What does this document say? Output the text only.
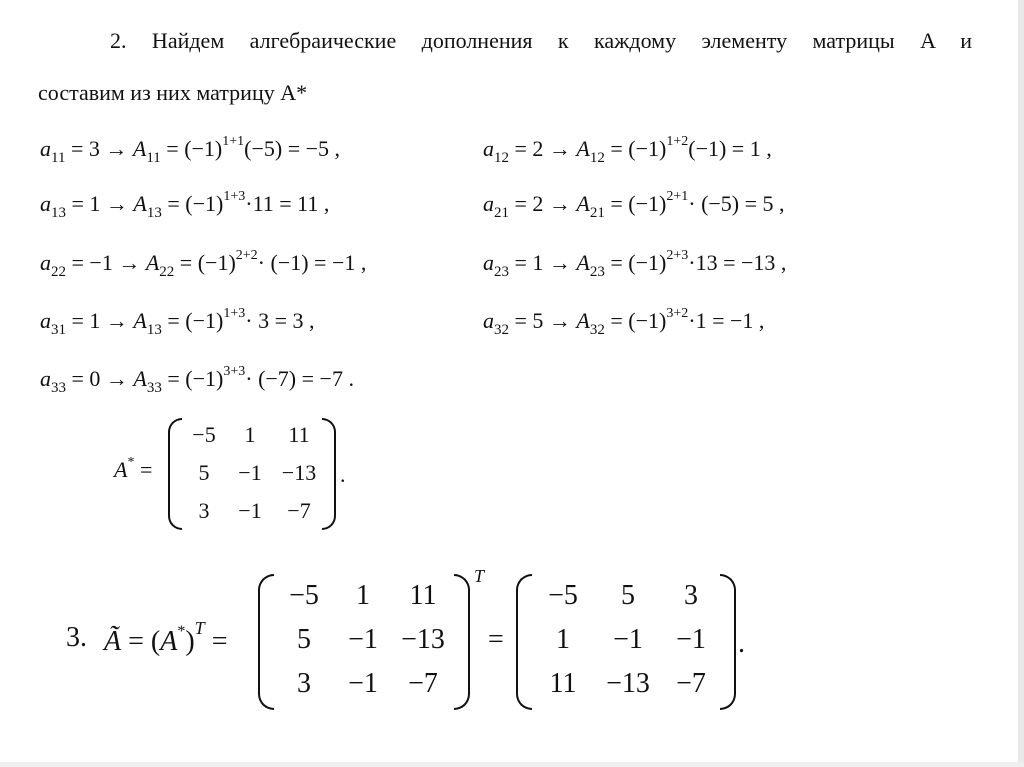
2. Найдем алгебраические дополнения к каждому элементу матрицы A и
составим из них матрицу A*
$a_{11} = 3 \to A_{11} = (-1)^{1+1}(-5) = -5$ ,	$a_{12} = 2 \to A_{12} = (-1)^{1+2}(-1) = 1$ ,
$a_{13} = 1 \to A_{13} = (-1)^{1+3}\cdot 11 = 11$ ,	$a_{21} = 2 \to A_{21} = (-1)^{2+1}\cdot (-5) = 5$ ,
$a_{22} = -1 \to A_{22} = (-1)^{2+2}\cdot (-1) = -1$ ,	$a_{23} = 1 \to A_{23} = (-1)^{2+3}\cdot 13 = -13$ ,
$a_{31} = 1 \to A_{13} = (-1)^{1+3}\cdot 3 = 3$ ,	$a_{32} = 5 \to A_{32} = (-1)^{3+2}\cdot 1 = -1$ ,
$a_{33} = 0 \to A_{33} = (-1)^{3+3}\cdot (-7) = -7$ .
A* =
−5	1	11
5	−1 −13
3	−1	−7
.
3. Ã = $(A^*)^T$ =
−5	1	11
5	−1 −13
3	−1	−7
T
=
−5	5	3
1	−1	−1
11	−13 −7
.
